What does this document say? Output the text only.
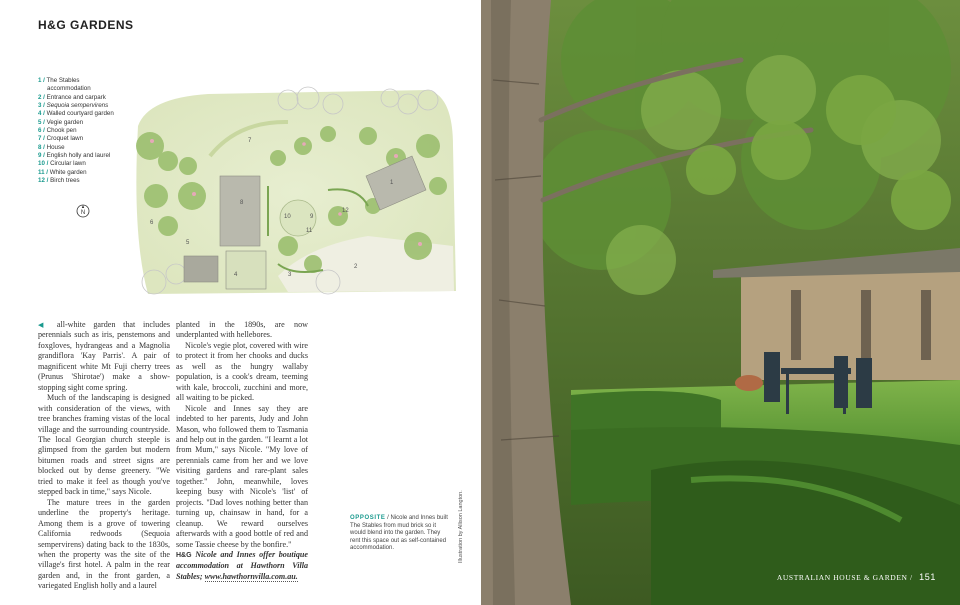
H&G GARDENS
1 / The Stables
accommodation
2 / Entrance and carpark
3 / Sequoia sempervirens
4 / Walled courtyard garden
5 / Vegie garden
6 / Chook pen
7 / Croquet lawn
8 / House
9 / English holly and laurel
10 / Circular lawn
11 / White garden
12 / Birch trees
N
1
2
3
4
5
6
7
8
9
10
11
12

◀ all-white garden that includes perennials such as iris, penstemons and foxgloves, hydrangeas and a Magnolia grandiflora 'Kay Parris'. A pair of magnificent white Mt Fuji cherry trees (Prunus 'Shirotae') make a show-stopping sight come spring.

Much of the landscaping is designed with consideration of the views, with tree branches framing vistas of the local village and the surrounding countryside. The local Georgian church steeple is glimpsed from the garden but modern bitumen roads and street signs are blocked out by dense greenery. "We tried to make it feel as though you've stepped back in time," says Nicole.

The mature trees in the garden underline the property's heritage. Among them is a grove of towering California redwoods (Sequoia sempervirens) dating back to the 1830s, when the property was the site of the village's first hotel. A palm in the rear garden and, in the front garden, a variegated English holly and a laurel

planted in the 1890s, are now underplanted with hellebores.

Nicole's vegie plot, covered with wire to protect it from her chooks and ducks as well as the hungry wallaby population, is a cook's dream, teeming with kale, broccoli, zucchini and more, all waiting to be picked.

Nicole and Innes say they are indebted to her parents, Judy and John Mason, who followed them to Tasmania and help out in the garden. "I learnt a lot from Mum," says Nicole. "My love of perennials came from her and we love visiting gardens and rare-plant sales together." John, meanwhile, loves keeping busy with Nicole's 'list' of projects. "Dad loves nothing better than turning up, chainsaw in hand, for a cleanup. We reward ourselves afterwards with a good bottle of red and some Tassie cheese by the bonfire."

H&G Nicole and Innes offer boutique accommodation at Hawthorn Villa Stables; www.hawthornvilla.com.au.

OPPOSITE / Nicole and Innes built The Stables from mud brick so it would blend into the garden. They rent this space out as self-contained accommodation.	Illustration by Allison Langton.
AUSTRALIAN HOUSE & GARDEN / 151
